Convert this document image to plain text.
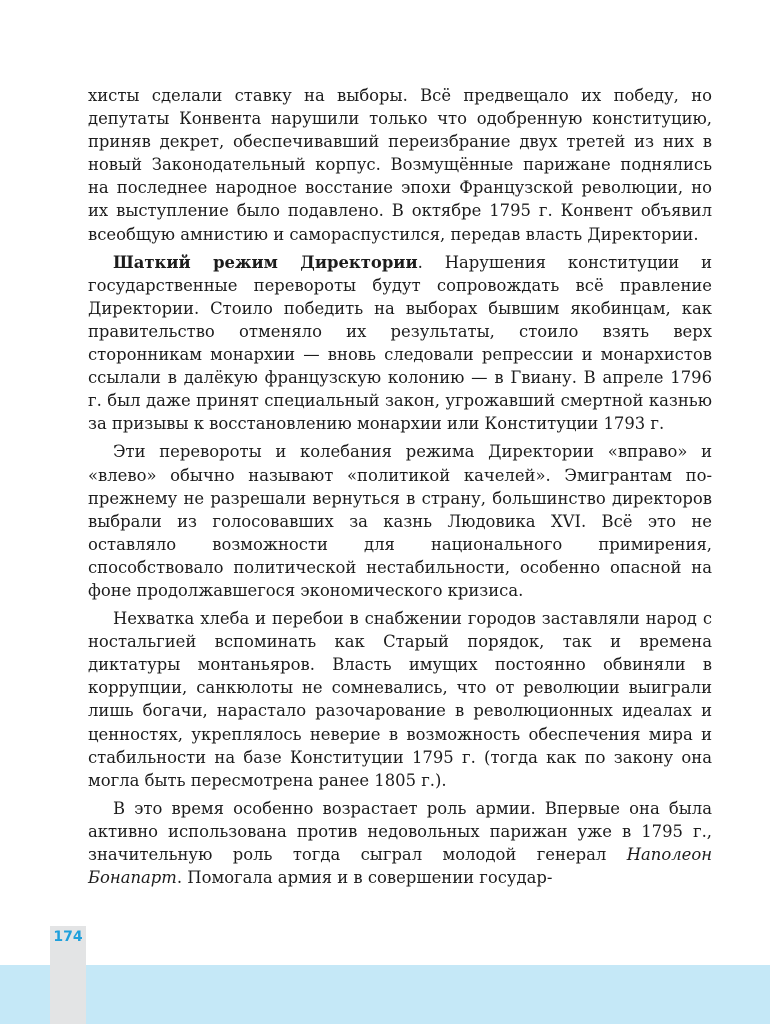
хисты сделали ставку на выборы. Всё предвещало их победу, но депутаты Конвента нарушили только что одобренную конституцию, приняв декрет, обеспечивавший переизбрание двух третей из них в новый Законодательный корпус. Возмущённые парижане поднялись на последнее народное восстание эпохи Французской революции, но их выступление было подавлено. В октябре 1795 г. Конвент объявил всеобщую амнистию и самораспустился, передав власть Директории.

Шаткий режим Директории. Нарушения конституции и государственные перевороты будут сопровождать всё правление Директории. Стоило победить на выборах бывшим якобинцам, как правительство отменяло их результаты, стоило взять верх сторонникам монархии — вновь следовали репрессии и монархистов ссылали в далёкую французскую колонию — в Гвиану. В апреле 1796 г. был даже принят специальный закон, угрожавший смертной казнью за призывы к восстановлению монархии или Конституции 1793 г.

Эти перевороты и колебания режима Директории «вправо» и «влево» обычно называют «политикой качелей». Эмигрантам по-прежнему не разрешали вернуться в страну, большинство директоров выбрали из голосовавших за казнь Людовика XVI. Всё это не оставляло возможности для национального примирения, способствовало политической нестабильности, особенно опасной на фоне продолжавшегося экономического кризиса.

Нехватка хлеба и перебои в снабжении городов заставляли народ с ностальгией вспоминать как Старый порядок, так и времена диктатуры монтаньяров. Власть имущих постоянно обвиняли в коррупции, санкюлоты не сомневались, что от революции выиграли лишь богачи, нарастало разочарование в революционных идеалах и ценностях, укреплялось неверие в возможность обеспечения мира и стабильности на базе Конституции 1795 г. (тогда как по закону она могла быть пересмотрена ранее 1805 г.).

В это время особенно возрастает роль армии. Впервые она была активно использована против недовольных парижан уже в 1795 г., значительную роль тогда сыграл молодой генерал Наполеон Бонапарт. Помогала армия и в совершении государ-

174
